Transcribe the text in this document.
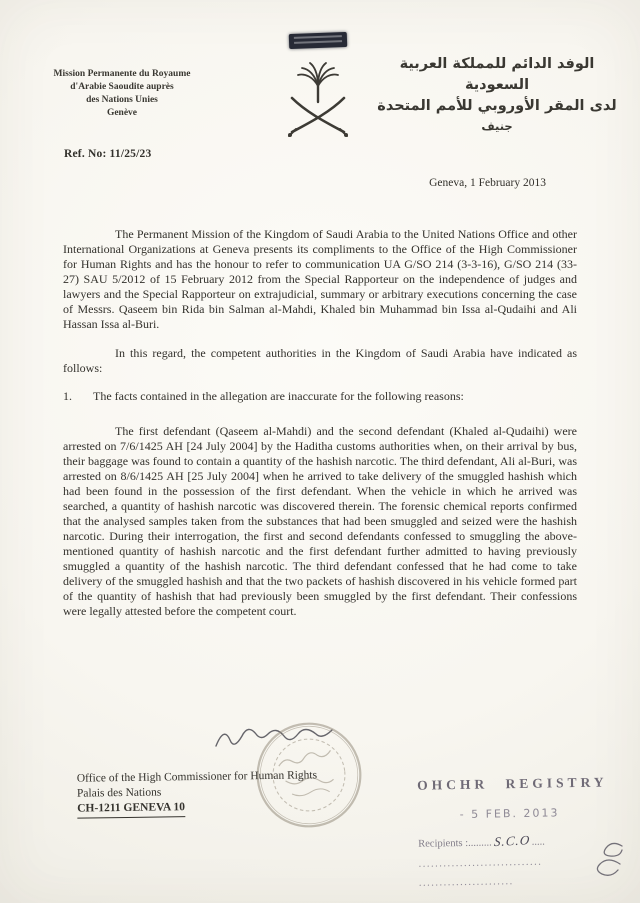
Mission Permanente du Royaume
d'Arabie Saoudite auprès
des Nations Unies
Genève
الوفد الدائم للمملكة العربية السعودية
لدى المقر الأوروبي للأمم المتحدة
جنيف
Ref. No: 11/25/23
Geneva, 1 February 2013

The Permanent Mission of the Kingdom of Saudi Arabia to the United Nations Office and other International Organizations at Geneva presents its compliments to the Office of the High Commissioner for Human Rights and has the honour to refer to communication UA G/SO 214 (3-3-16), G/SO 214 (33-27) SAU 5/2012 of 15 February 2012 from the Special Rapporteur on the independence of judges and lawyers and the Special Rapporteur on extrajudicial, summary or arbitrary executions concerning the case of Messrs. Qaseem bin Rida bin Salman al-Mahdi, Khaled bin Muhammad bin Issa al-Qudaihi and Ali Hassan Issa al-Buri.

In this regard, the competent authorities in the Kingdom of Saudi Arabia have indicated as follows:

1.	The facts contained in the allegation are inaccurate for the following reasons:

The first defendant (Qaseem al-Mahdi) and the second defendant (Khaled al-Qudaihi) were arrested on 7/6/1425 AH [24 July 2004] by the Haditha customs authorities when, on their arrival by bus, their baggage was found to contain a quantity of the hashish narcotic. The third defendant, Ali al-Buri, was arrested on 8/6/1425 AH [25 July 2004] when he arrived to take delivery of the smuggled hashish which had been found in the possession of the first defendant. When the vehicle in which he arrived was searched, a quantity of hashish narcotic was discovered therein. The forensic chemical reports confirmed that the analysed samples taken from the substances that had been smuggled and seized were the hashish narcotic. During their interrogation, the first and second defendants confessed to smuggling the above-mentioned quantity of hashish narcotic and the first defendant further admitted to having previously smuggled a quantity of the hashish narcotic. The third defendant confessed that he had come to take delivery of the smuggled hashish and that the two packets of hashish discovered in his vehicle formed part of the quantity of hashish that had previously been smuggled by the first defendant. Their confessions were legally attested before the competent court.

Office of the High Commissioner for Human Rights
Palais des Nations
CH-1211 GENEVA 10
OHCHR REGISTRY
- 5 FEB. 2013
Recipients :.........S.C.O.....
..............................
.......................
